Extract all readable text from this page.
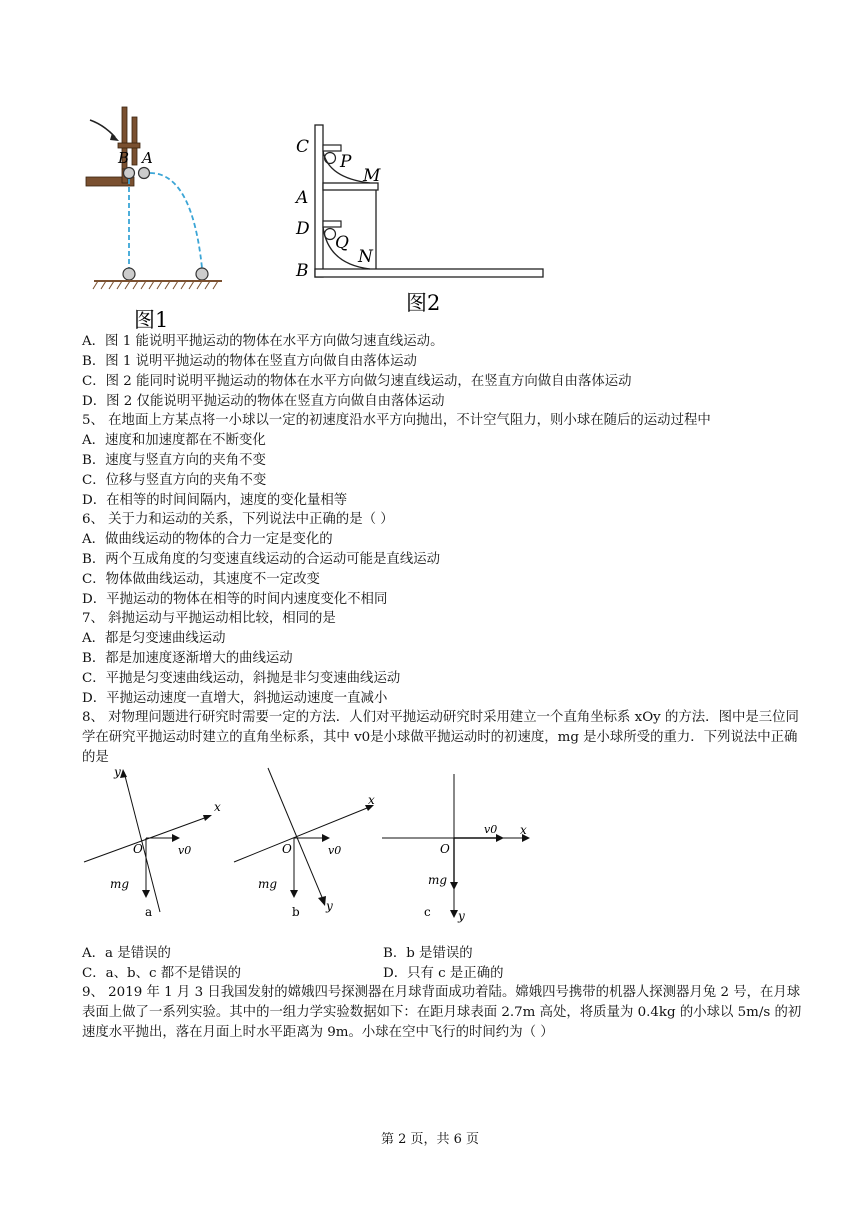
B A
图1
C
A
D
B
P
M
Q
N
图2
A．图 1 能说明平抛运动的物体在水平方向做匀速直线运动。
B．图 1 说明平抛运动的物体在竖直方向做自由落体运动
C．图 2 能同时说明平抛运动的物体在水平方向做匀速直线运动，在竖直方向做自由落体运动
D．图 2 仅能说明平抛运动的物体在竖直方向做自由落体运动
5、 在地面上方某点将一小球以一定的初速度沿水平方向抛出，不计空气阻力，则小球在随后的运动过程中
A．速度和加速度都在不断变化
B．速度与竖直方向的夹角不变
C．位移与竖直方向的夹角不变
D．在相等的时间间隔内，速度的变化量相等
6、 关于力和运动的关系，下列说法中正确的是（ ）
A．做曲线运动的物体的合力一定是变化的
B．两个互成角度的匀变速直线运动的合运动可能是直线运动
C．物体做曲线运动，其速度不一定改变
D．平抛运动的物体在相等的时间内速度变化不相同
7、 斜抛运动与平抛运动相比较，相同的是
A．都是匀变速曲线运动
B．都是加速度逐渐增大的曲线运动
C．平抛是匀变速曲线运动，斜抛是非匀变速曲线运动
D．平抛运动速度一直增大，斜抛运动速度一直减小
8、 对物理问题进行研究时需要一定的方法．人们对平抛运动研究时采用建立一个直角坐标系 xOy 的方法．图中是三位同学在研究平抛运动时建立的直角坐标系，其中 v0是小球做平抛运动时的初速度，mg 是小球所受的重力．下列说法中正确的是
x
y
O	v0
mg
a
x
y
O	v0
mg
b
x
y
O
v0
mg
c
A．a 是错误的	B．b 是错误的
C．a、b、c 都不是错误的	D．只有 c 是正确的
9、 2019 年 1 月 3 日我国发射的嫦娥四号探测器在月球背面成功着陆。嫦娥四号携带的机器人探测器月兔 2 号，在月球表面上做了一系列实验。其中的一组力学实验数据如下：在距月球表面 2.7m 高处，将质量为 0.4kg 的小球以 5m/s 的初速度水平抛出，落在月面上时水平距离为 9m。小球在空中飞行的时间约为（ ）
第 2 页，共 6 页
